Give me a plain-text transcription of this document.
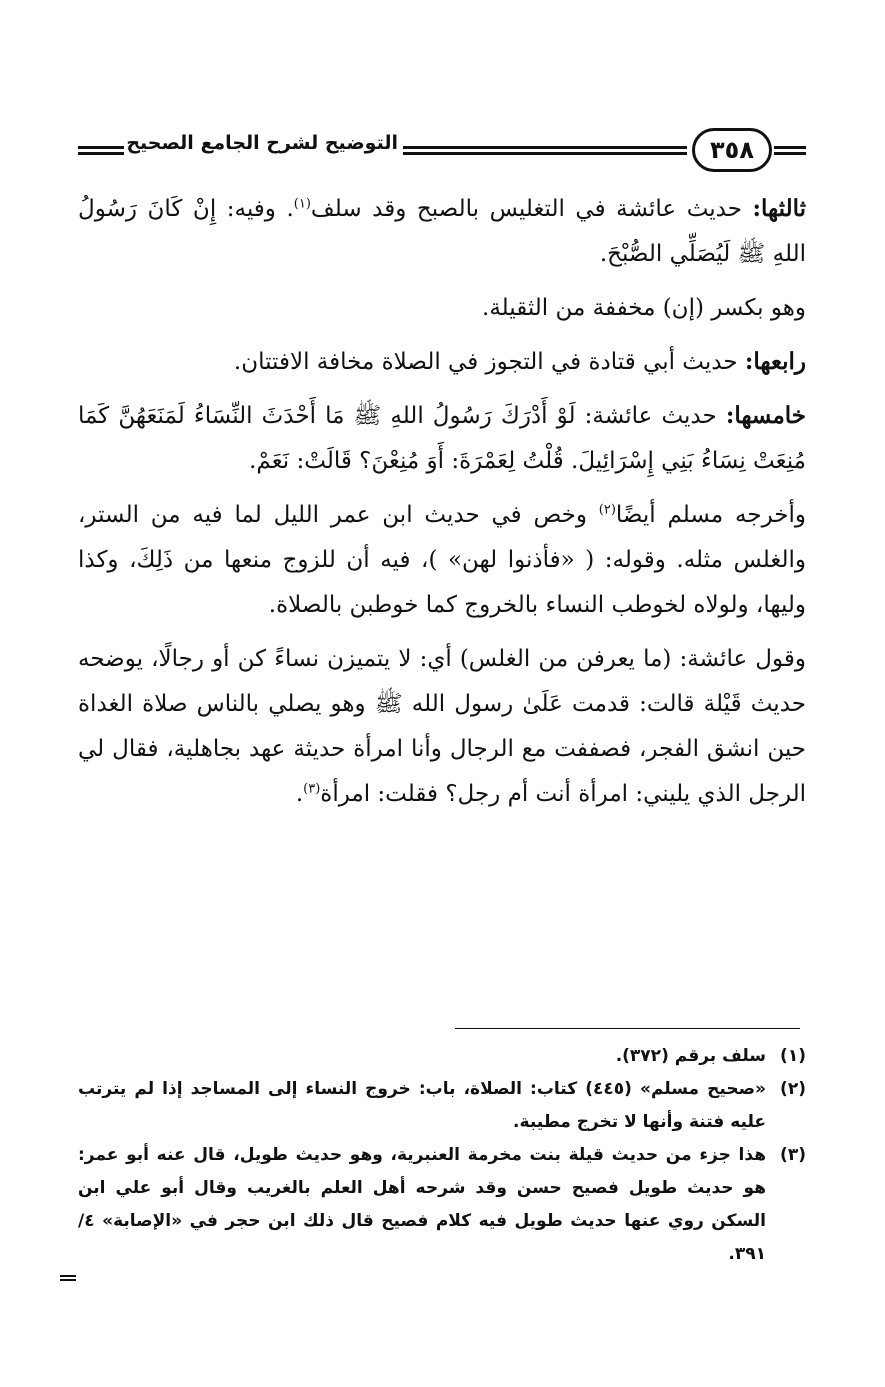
التوضيح لشرح الجامع الصحيح	٣٥٨

ثالثها: حديث عائشة في التغليس بالصبح وقد سلف$^{(١)}$. وفيه: إِنْ كَانَ رَسُولُ اللهِ ﷺ لَيُصَلِّي الصُّبْحَ.

وهو بكسر (إن) مخففة من الثقيلة.

رابعها: حديث أبي قتادة في التجوز في الصلاة مخافة الافتتان.

خامسها: حديث عائشة: لَوْ أَدْرَكَ رَسُولُ اللهِ ﷺ مَا أَحْدَثَ النِّسَاءُ لَمَنَعَهُنَّ كَمَا مُنِعَتْ نِسَاءُ بَنِي إِسْرَائِيلَ. قُلْتُ لِعَمْرَةَ: أَوَ مُنِعْنَ؟ قَالَتْ: نَعَمْ.

وأخرجه مسلم أيضًا$^{(٢)}$ وخص في حديث ابن عمر الليل لما فيه من الستر، والغلس مثله. وقوله: ( «فأذنوا لهن» )، فيه أن للزوج منعها من ذَلِكَ، وكذا وليها، ولولاه لخوطب النساء بالخروج كما خوطبن بالصلاة.

وقول عائشة: (ما يعرفن من الغلس) أي: لا يتميزن نساءً كن أو رجالًا، يوضحه حديث قَيْلة قالت: قدمت عَلَىٰ رسول الله ﷺ وهو يصلي بالناس صلاة الغداة حين انشق الفجر، فصففت مع الرجال وأنا امرأة حديثة عهد بجاهلية، فقال لي الرجل الذي يليني: امرأة أنت أم رجل؟ فقلت: امرأة$^{(٣)}$.

(١)
سلف برقم (٣٧٢).
(٢)
«صحيح مسلم» (٤٤٥) كتاب: الصلاة، باب: خروج النساء إلى المساجد إذا لم يترتب عليه فتنة وأنها لا تخرج مطيبة.
(٣)
هذا جزء من حديث قيلة بنت مخرمة العنبرية، وهو حديث طويل، قال عنه أبو عمر: هو حديث طويل فصيح حسن وقد شرحه أهل العلم بالغريب وقال أبو علي ابن السكن روي عنها حديث طويل فيه كلام فصيح قال ذلك ابن حجر في «الإصابة» ٤/ ٣٩١.
